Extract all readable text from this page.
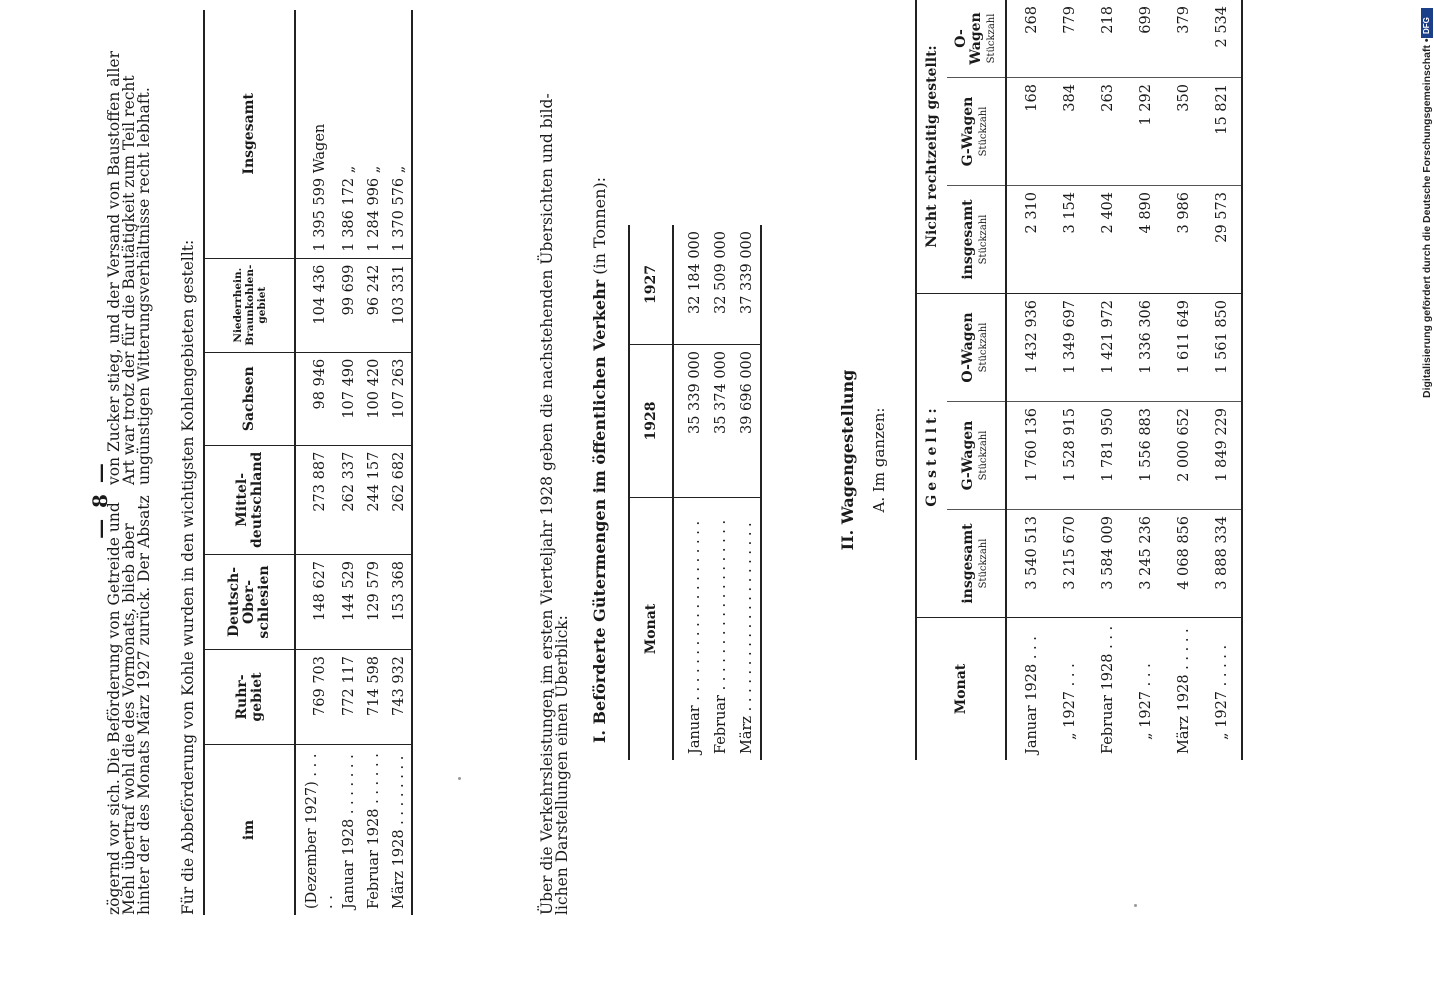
— 8 —
zögernd vor sich. Die Beförderung von Getreide und
Mehl übertraf wohl die des Vormonats, blieb aber
hinter der des Monats März 1927 zurück. Der Absatz
von Zucker stieg, und der Versand von Baustoffen aller
Art war trotz der für die Bautätigkeit zum Teil recht
ungünstigen Witterungsverhältnisse recht lebhaft. Für die Abbeförderung von Kohle wurden in den wichtigsten Kohlengebieten gestellt:	im	Ruhr-
gebiet	Deutsch-
Ober-
schlesien	Mittel-
deutschland	Sachsen	Niederrhein.
Braunkohlen-
gebiet	Insgesamt
(Dezember 1927) . . . . .	769 703	148 627	273 887	98 946	104 436	1 395 599 Wagen
Januar 1928 . . . . . . .	772 117	144 529	262 337	107 490	99 699	1 386 172 „
Februar 1928 . . . . . .	714 598	129 579	244 157	100 420	96 242	1 284 996 „
März 1928 . . . . . . . .	743 932	153 368	262 682	107 263	103 331	1 370 576 „	Über die Verkehrsleistungen im ersten Vierteljahr 1928 geben die nachstehenden Übersichten und bild-
lichen Darstellungen einen Überblick:
I. Beförderte Gütermengen im öffentlichen Verkehr (in Tonnen):
Monat	1928	1927
Januar . . . . . . . . . . . . . . . . . . . .	35 339 000	32 184 000
Februar . . . . . . . . . . . . . . . . . . .	35 374 000	32 509 000
März . . . . . . . . . . . . . . . . . . . . .	39 696 000	37 339 000
II. Wagengestellung A. Im ganzen:
Monat	Gestellt:			Nicht rechtzeitig gestellt:		
	insgesamt Stückzahl	G-Wagen Stückzahl	O-Wagen Stückzahl	insgesamt Stückzahl	G-Wagen Stückzahl	O-Wagen Stückzahl

Januar 1928 . . .	3 540 513	1 760 136	1 432 936	2 310	168	268
„ 1927 . . .	3 215 670	1 528 915	1 349 697	3 154	384	779
Februar 1928 . . .	3 584 009	1 781 950	1 421 972	2 404	263	218
„ 1927 . . .	3 245 236	1 556 883	1 336 306	4 890	1 292	699
März 1928 . . . . .	4 068 856	2 000 652	1 611 649	3 986	350	379
„ 1927 . . . . .	3 888 334	1 849 229	1 561 850	29 573	15 821	2 534	DFG
Digitalisierung gefördert durch die Deutsche Forschungsgemeinschaft •
